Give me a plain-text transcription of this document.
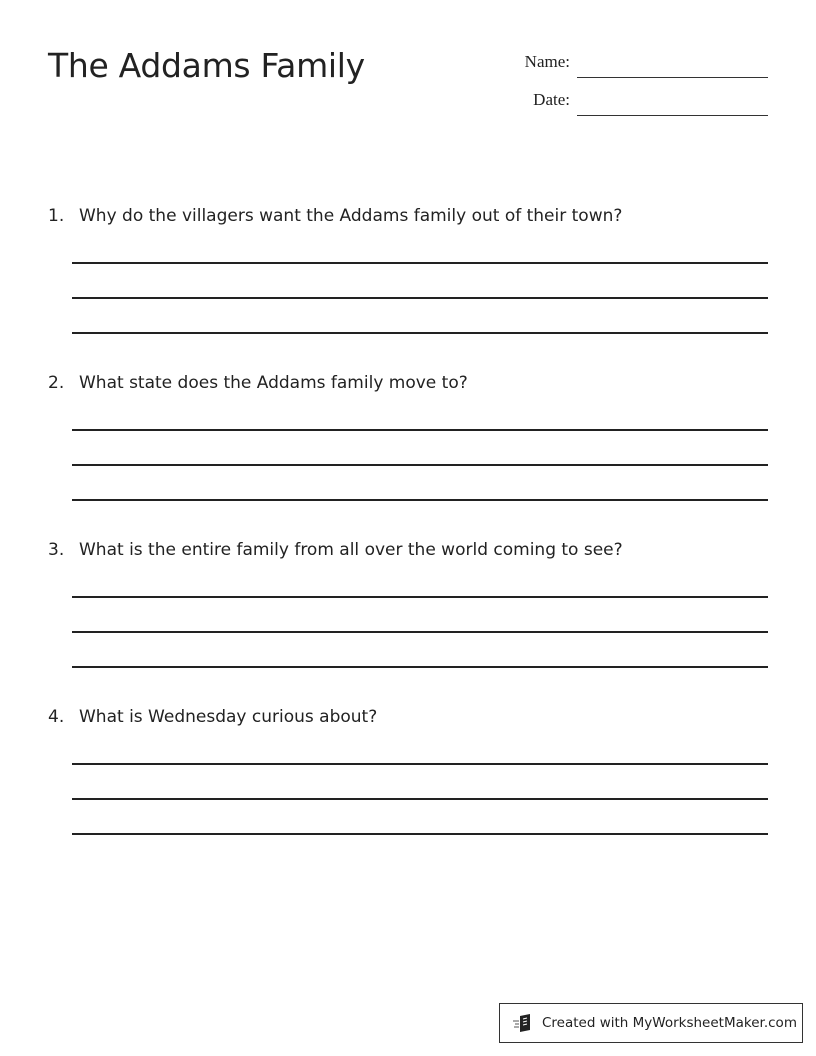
The Addams Family	Name:
Date:
1. Why do the villagers want the Addams family out of their town?
2. What state does the Addams family move to?
3. What is the entire family from all over the world coming to see?
4. What is Wednesday curious about?
Created with MyWorksheetMaker.com
